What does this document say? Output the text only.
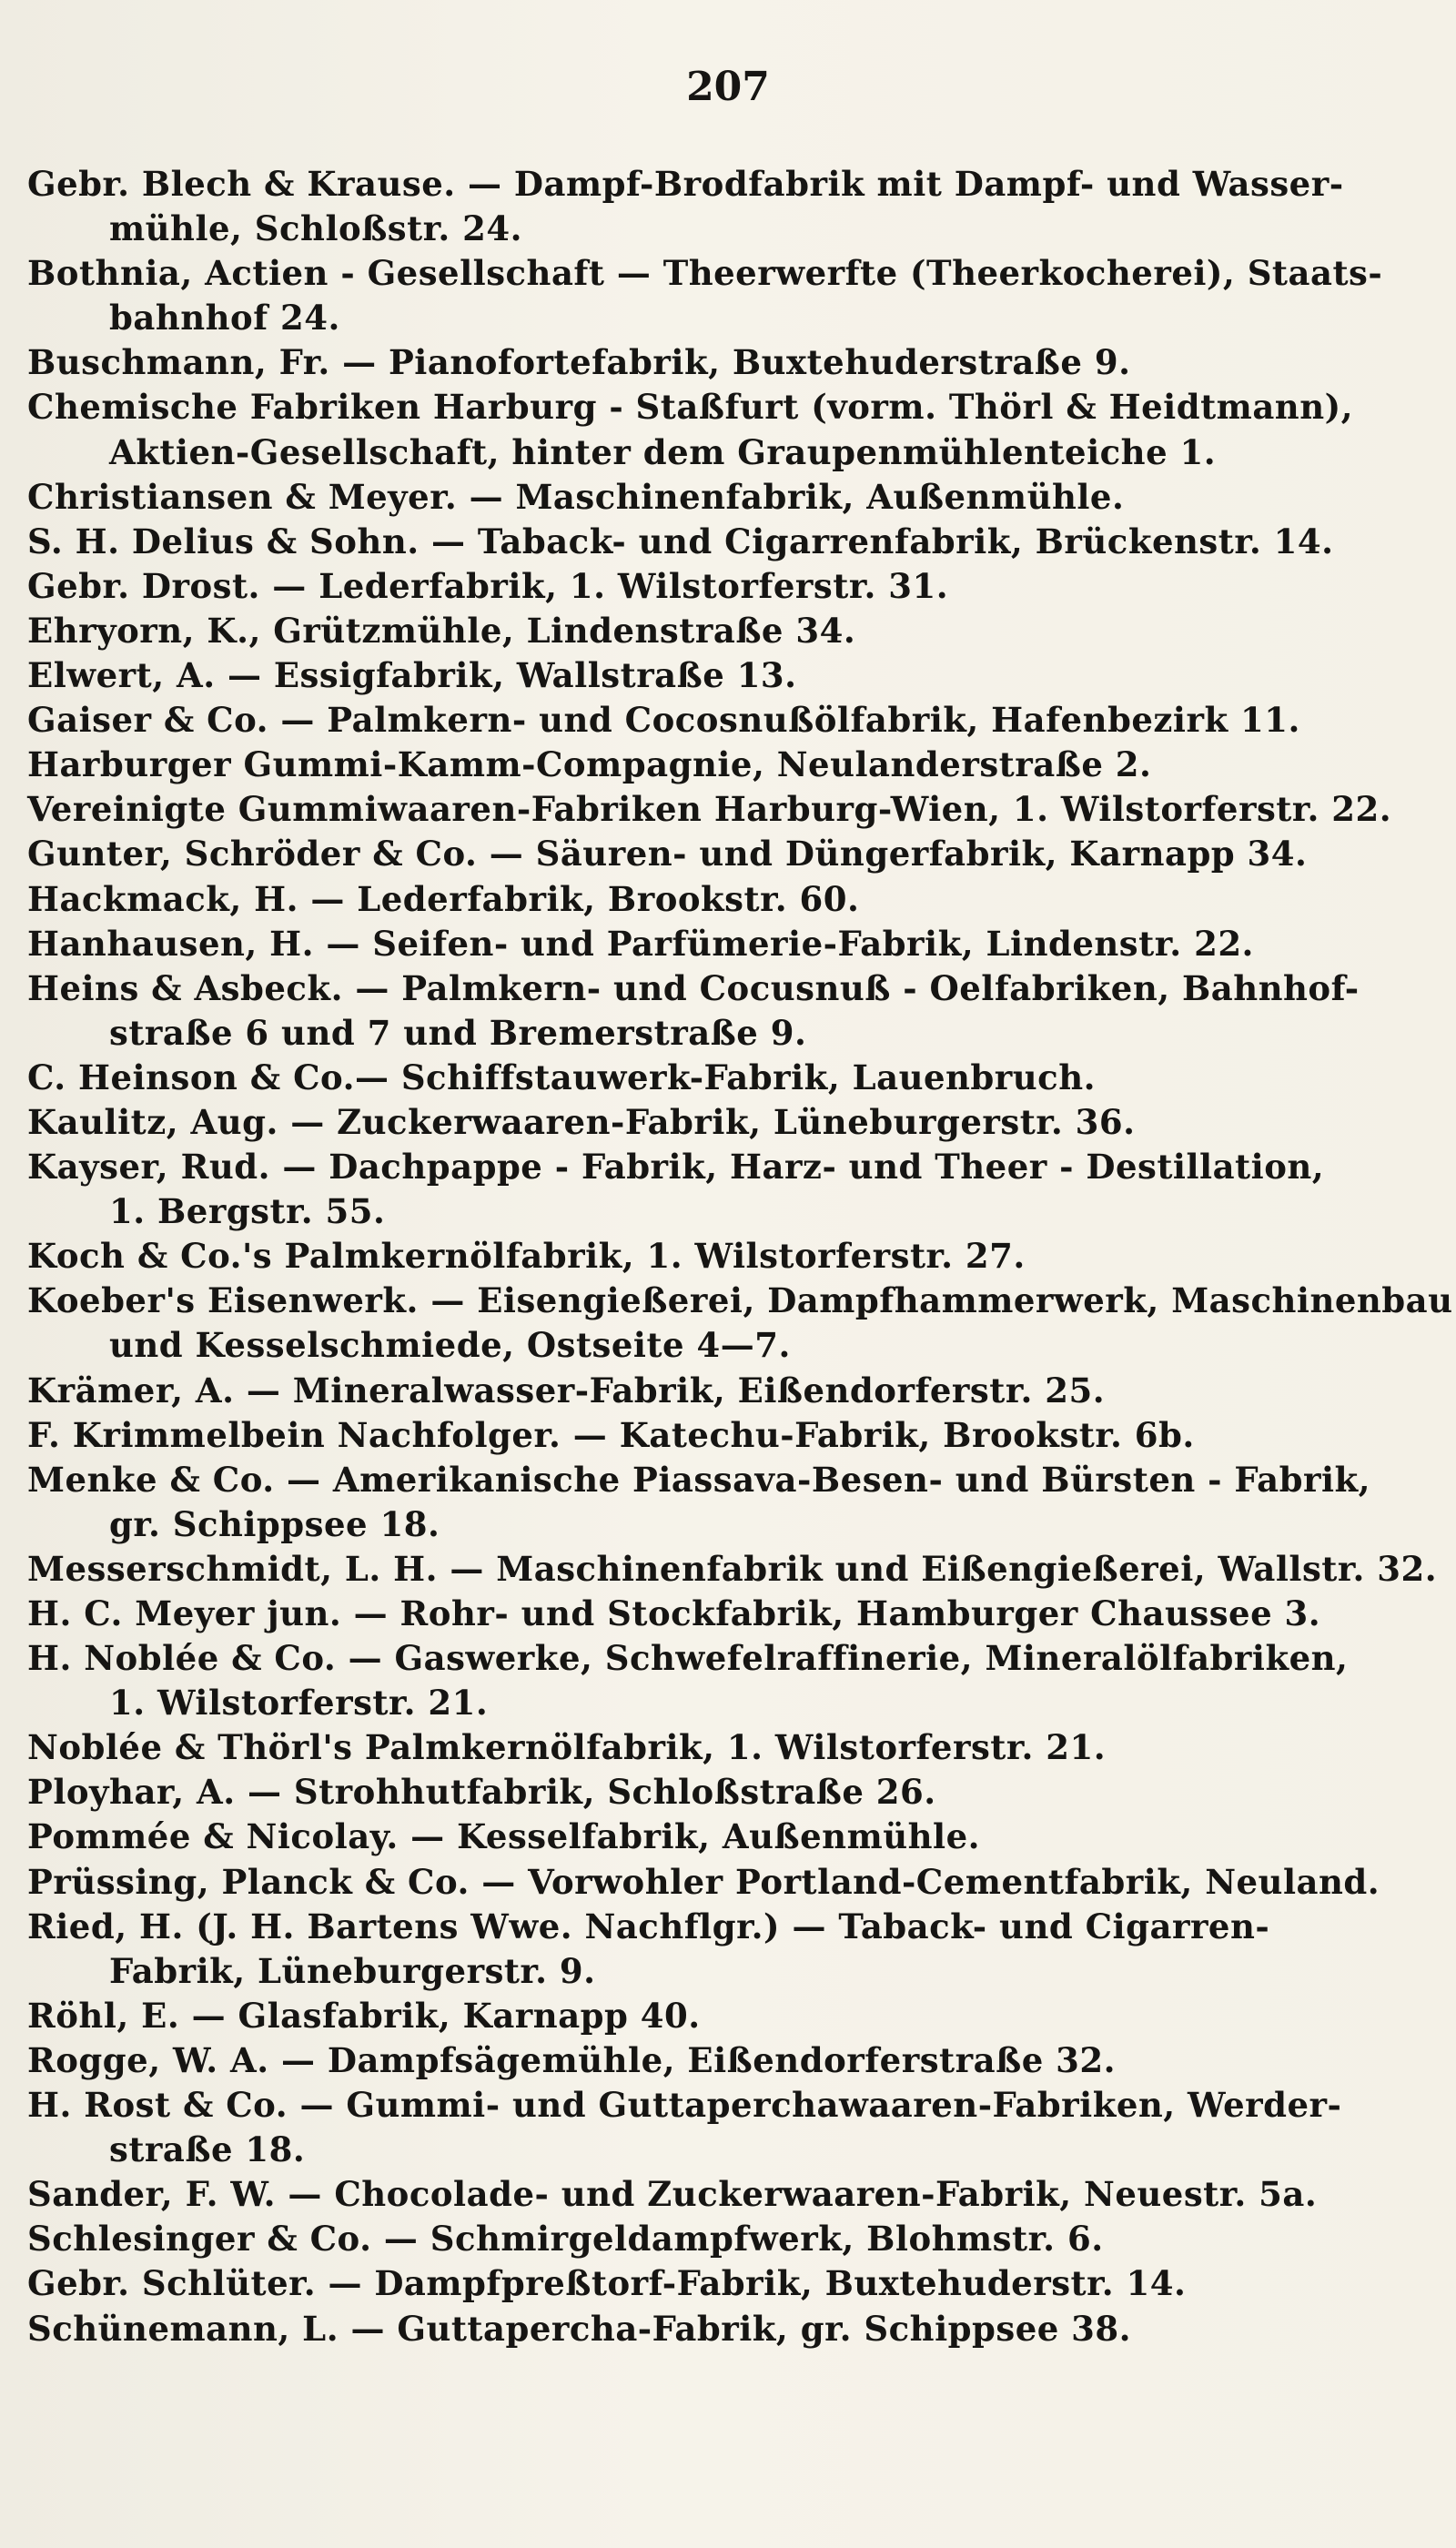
207
Gebr. Blech & Krause. — Dampf-Brodfabrik mit Dampf- und Wasser-
mühle, Schloßstr. 24.
Bothnia, Actien - Gesellschaft — Theerwerfte (Theerkocherei), Staats-
bahnhof 24.
Buschmann, Fr. — Pianofortefabrik, Buxtehuderstraße 9.
Chemische Fabriken Harburg - Staßfurt (vorm. Thörl & Heidtmann),
Aktien-Gesellschaft, hinter dem Graupenmühlenteiche 1.
Christiansen & Meyer. — Maschinenfabrik, Außenmühle.
S. H. Delius & Sohn. — Taback- und Cigarrenfabrik, Brückenstr. 14.
Gebr. Drost. — Lederfabrik, 1. Wilstorferstr. 31.
Ehryorn, K., Grützmühle, Lindenstraße 34.
Elwert, A. — Essigfabrik, Wallstraße 13.
Gaiser & Co. — Palmkern- und Cocosnußölfabrik, Hafenbezirk 11.
Harburger Gummi-Kamm-Compagnie, Neulanderstraße 2.
Vereinigte Gummiwaaren-Fabriken Harburg-Wien, 1. Wilstorferstr. 22.
Gunter, Schröder & Co. — Säuren- und Düngerfabrik, Karnapp 34.
Hackmack, H. — Lederfabrik, Brookstr. 60.
Hanhausen, H. — Seifen- und Parfümerie-Fabrik, Lindenstr. 22.
Heins & Asbeck. — Palmkern- und Cocusnuß - Oelfabriken, Bahnhof-
straße 6 und 7 und Bremerstraße 9.
C. Heinson & Co.— Schiffstauwerk-Fabrik, Lauenbruch.
Kaulitz, Aug. — Zuckerwaaren-Fabrik, Lüneburgerstr. 36.
Kayser, Rud. — Dachpappe - Fabrik, Harz- und Theer - Destillation,
1. Bergstr. 55.
Koch & Co.'s Palmkernölfabrik, 1. Wilstorferstr. 27.
Koeber's Eisenwerk. — Eisengießerei, Dampfhammerwerk, Maschinenbau
und Kesselschmiede, Ostseite 4—7.
Krämer, A. — Mineralwasser-Fabrik, Eißendorferstr. 25.
F. Krimmelbein Nachfolger. — Katechu-Fabrik, Brookstr. 6b.
Menke & Co. — Amerikanische Piassava-Besen- und Bürsten - Fabrik,
gr. Schippsee 18.
Messerschmidt, L. H. — Maschinenfabrik und Eißengießerei, Wallstr. 32.
H. C. Meyer jun. — Rohr- und Stockfabrik, Hamburger Chaussee 3.
H. Noblée & Co. — Gaswerke, Schwefelraffinerie, Mineralölfabriken,
1. Wilstorferstr. 21.
Noblée & Thörl's Palmkernölfabrik, 1. Wilstorferstr. 21.
Ployhar, A. — Strohhutfabrik, Schloßstraße 26.
Pommée & Nicolay. — Kesselfabrik, Außenmühle.
Prüssing, Planck & Co. — Vorwohler Portland-Cementfabrik, Neuland.
Ried, H. (J. H. Bartens Wwe. Nachflgr.) — Taback- und Cigarren-
Fabrik, Lüneburgerstr. 9.
Röhl, E. — Glasfabrik, Karnapp 40.
Rogge, W. A. — Dampfsägemühle, Eißendorferstraße 32.
H. Rost & Co. — Gummi- und Guttaperchawaaren-Fabriken, Werder-
straße 18.
Sander, F. W. — Chocolade- und Zuckerwaaren-Fabrik, Neuestr. 5a.
Schlesinger & Co. — Schmirgeldampfwerk, Blohmstr. 6.
Gebr. Schlüter. — Dampfpreßtorf-Fabrik, Buxtehuderstr. 14.
Schünemann, L. — Guttapercha-Fabrik, gr. Schippsee 38.
